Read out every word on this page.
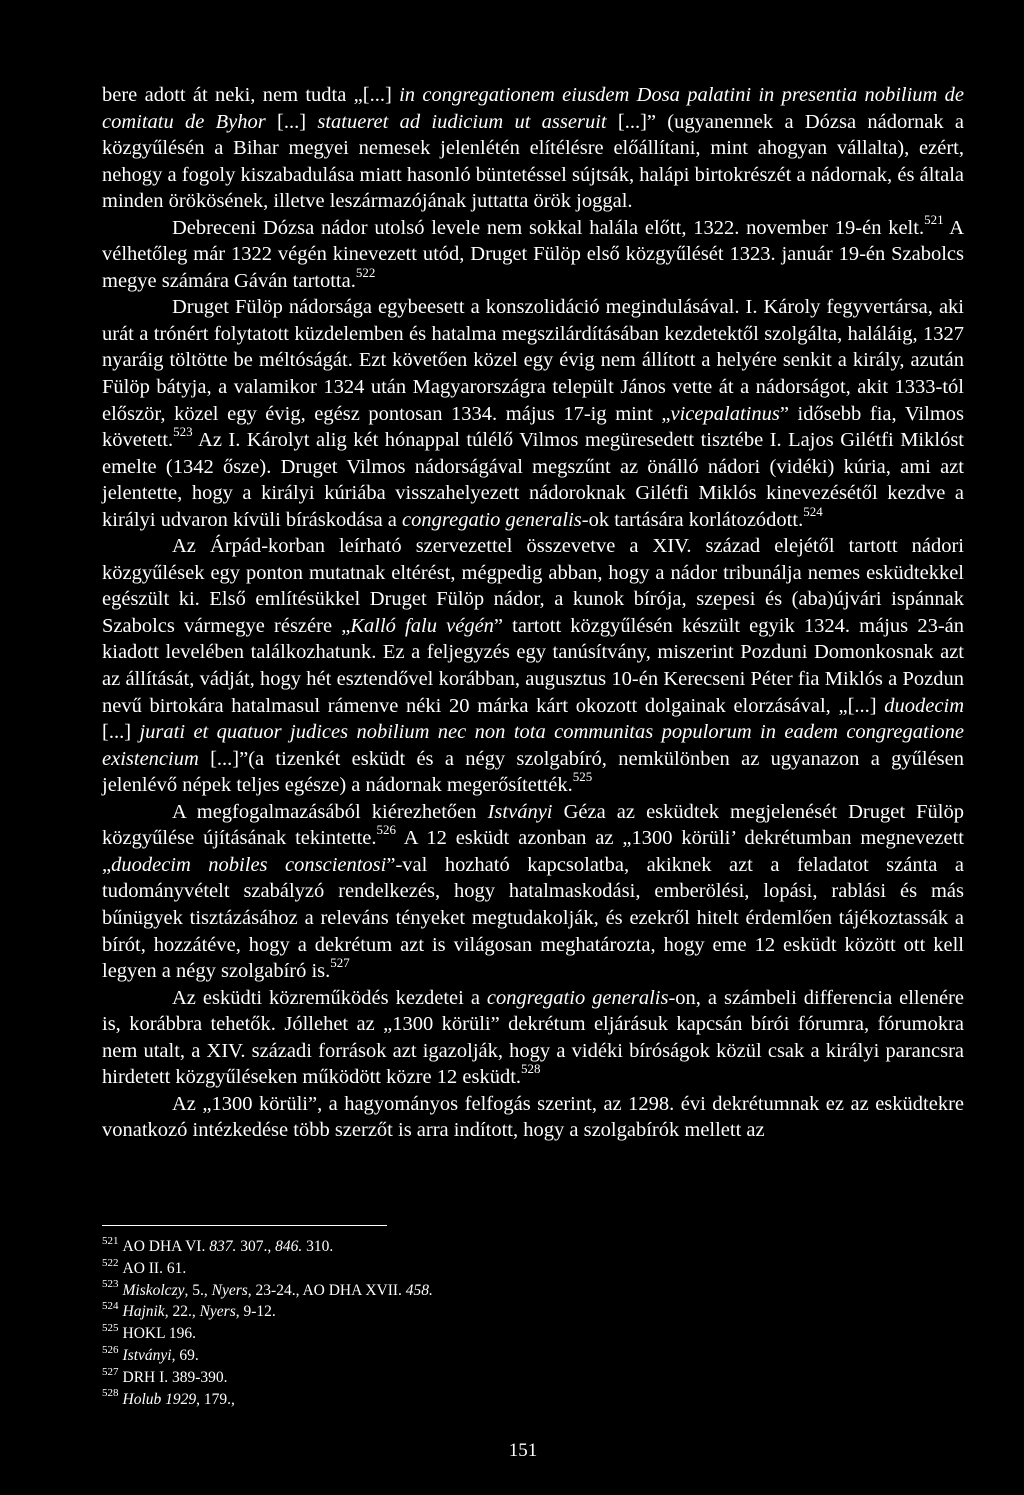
bere adott át neki, nem tudta „[...] in congregationem eiusdem Dosa palatini in presentia nobilium de comitatu de Byhor [...] statueret ad iudicium ut asseruit [...]” (ugyanennek a Dózsa nádornak a közgyűlésén a Bihar megyei nemesek jelenlétén elítélésre előállítani, mint ahogyan vállalta), ezért, nehogy a fogoly kiszabadulása miatt hasonló büntetéssel sújtsák, halápi birtokrészét a nádornak, és általa minden örökösének, illetve leszármazójának juttatta örök joggal.

Debreceni Dózsa nádor utolsó levele nem sokkal halála előtt, 1322. november 19-én kelt.$^{521}$ A vélhetőleg már 1322 végén kinevezett utód, Druget Fülöp első közgyűlését 1323. január 19-én Szabolcs megye számára Gáván tartotta.$^{522}$

Druget Fülöp nádorsága egybeesett a konszolidáció megindulásával. I. Károly fegyvertársa, aki urát a trónért folytatott küzdelemben és hatalma megszilárdításában kezdetektől szolgálta, haláláig, 1327 nyaráig töltötte be méltóságát. Ezt követően közel egy évig nem állított a helyére senkit a király, azután Fülöp bátyja, a valamikor 1324 után Magyarországra települt János vette át a nádorságot, akit 1333-tól először, közel egy évig, egész pontosan 1334. május 17-ig mint „vicepalatinus” idősebb fia, Vilmos követett.$^{523}$ Az I. Károlyt alig két hónappal túlélő Vilmos megüresedett tisztébe I. Lajos Gilétfi Miklóst emelte (1342 ősze). Druget Vilmos nádorságával megszűnt az önálló nádori (vidéki) kúria, ami azt jelentette, hogy a királyi kúriába visszahelyezett nádoroknak Gilétfi Miklós kinevezésétől kezdve a királyi udvaron kívüli bíráskodása a congregatio generalis-ok tartására korlátozódott.$^{524}$

Az Árpád-korban leírható szervezettel összevetve a XIV. század elejétől tartott nádori közgyűlések egy ponton mutatnak eltérést, mégpedig abban, hogy a nádor tribunálja nemes esküdtekkel egészült ki. Első említésükkel Druget Fülöp nádor, a kunok bírója, szepesi és (aba)újvári ispánnak Szabolcs vármegye részére „Kalló falu végén” tartott közgyűlésén készült egyik 1324. május 23-án kiadott levelében találkozhatunk. Ez a feljegyzés egy tanúsítvány, miszerint Pozduni Domonkosnak azt az állítását, vádját, hogy hét esztendővel korábban, augusztus 10-én Kerecseni Péter fia Miklós a Pozdun nevű birtokára hatalmasul rámenve néki 20 márka kárt okozott dolgainak elorzásával, „[...] duodecim [...] jurati et quatuor judices nobilium nec non tota communitas populorum in eadem congregatione existencium [...]”(a tizenkét esküdt és a négy szolgabíró, nemkülönben az ugyanazon a gyűlésen jelenlévő népek teljes egésze) a nádornak megerősítették.$^{525}$

A megfogalmazásából kiérezhetően Istványi Géza az esküdtek megjelenését Druget Fülöp közgyűlése újításának tekintette.$^{526}$ A 12 esküdt azonban az „1300 körüli’ dekrétumban megnevezett „duodecim nobiles conscientosi”-val hozható kapcsolatba, akiknek azt a feladatot szánta a tudományvételt szabályzó rendelkezés, hogy hatalmaskodási, emberölési, lopási, rablási és más bűnügyek tisztázásához a releváns tényeket megtudakolják, és ezekről hitelt érdemlően tájékoztassák a bírót, hozzátéve, hogy a dekrétum azt is világosan meghatározta, hogy eme 12 esküdt között ott kell legyen a négy szolgabíró is.$^{527}$

Az esküdti közreműködés kezdetei a congregatio generalis-on, a számbeli differencia ellenére is, korábbra tehetők. Jóllehet az „1300 körüli” dekrétum eljárásuk kapcsán bírói fórumra, fórumokra nem utalt, a XIV. századi források azt igazolják, hogy a vidéki bíróságok közül csak a királyi parancsra hirdetett közgyűléseken működött közre 12 esküdt.$^{528}$

Az „1300 körüli”, a hagyományos felfogás szerint, az 1298. évi dekrétumnak ez az esküdtekre vonatkozó intézkedése több szerzőt is arra indított, hogy a szolgabírók mellett az

$^{521}$ AO DHA VI. 837. 307., 846. 310.
$^{522}$ AO II. 61.
$^{523}$ Miskolczy, 5., Nyers, 23-24., AO DHA XVII. 458.
$^{524}$ Hajnik, 22., Nyers, 9-12.
$^{525}$ HOKL 196.
$^{526}$ Istványi, 69.
$^{527}$ DRH I. 389-390.
$^{528}$ Holub 1929, 179.,
151
